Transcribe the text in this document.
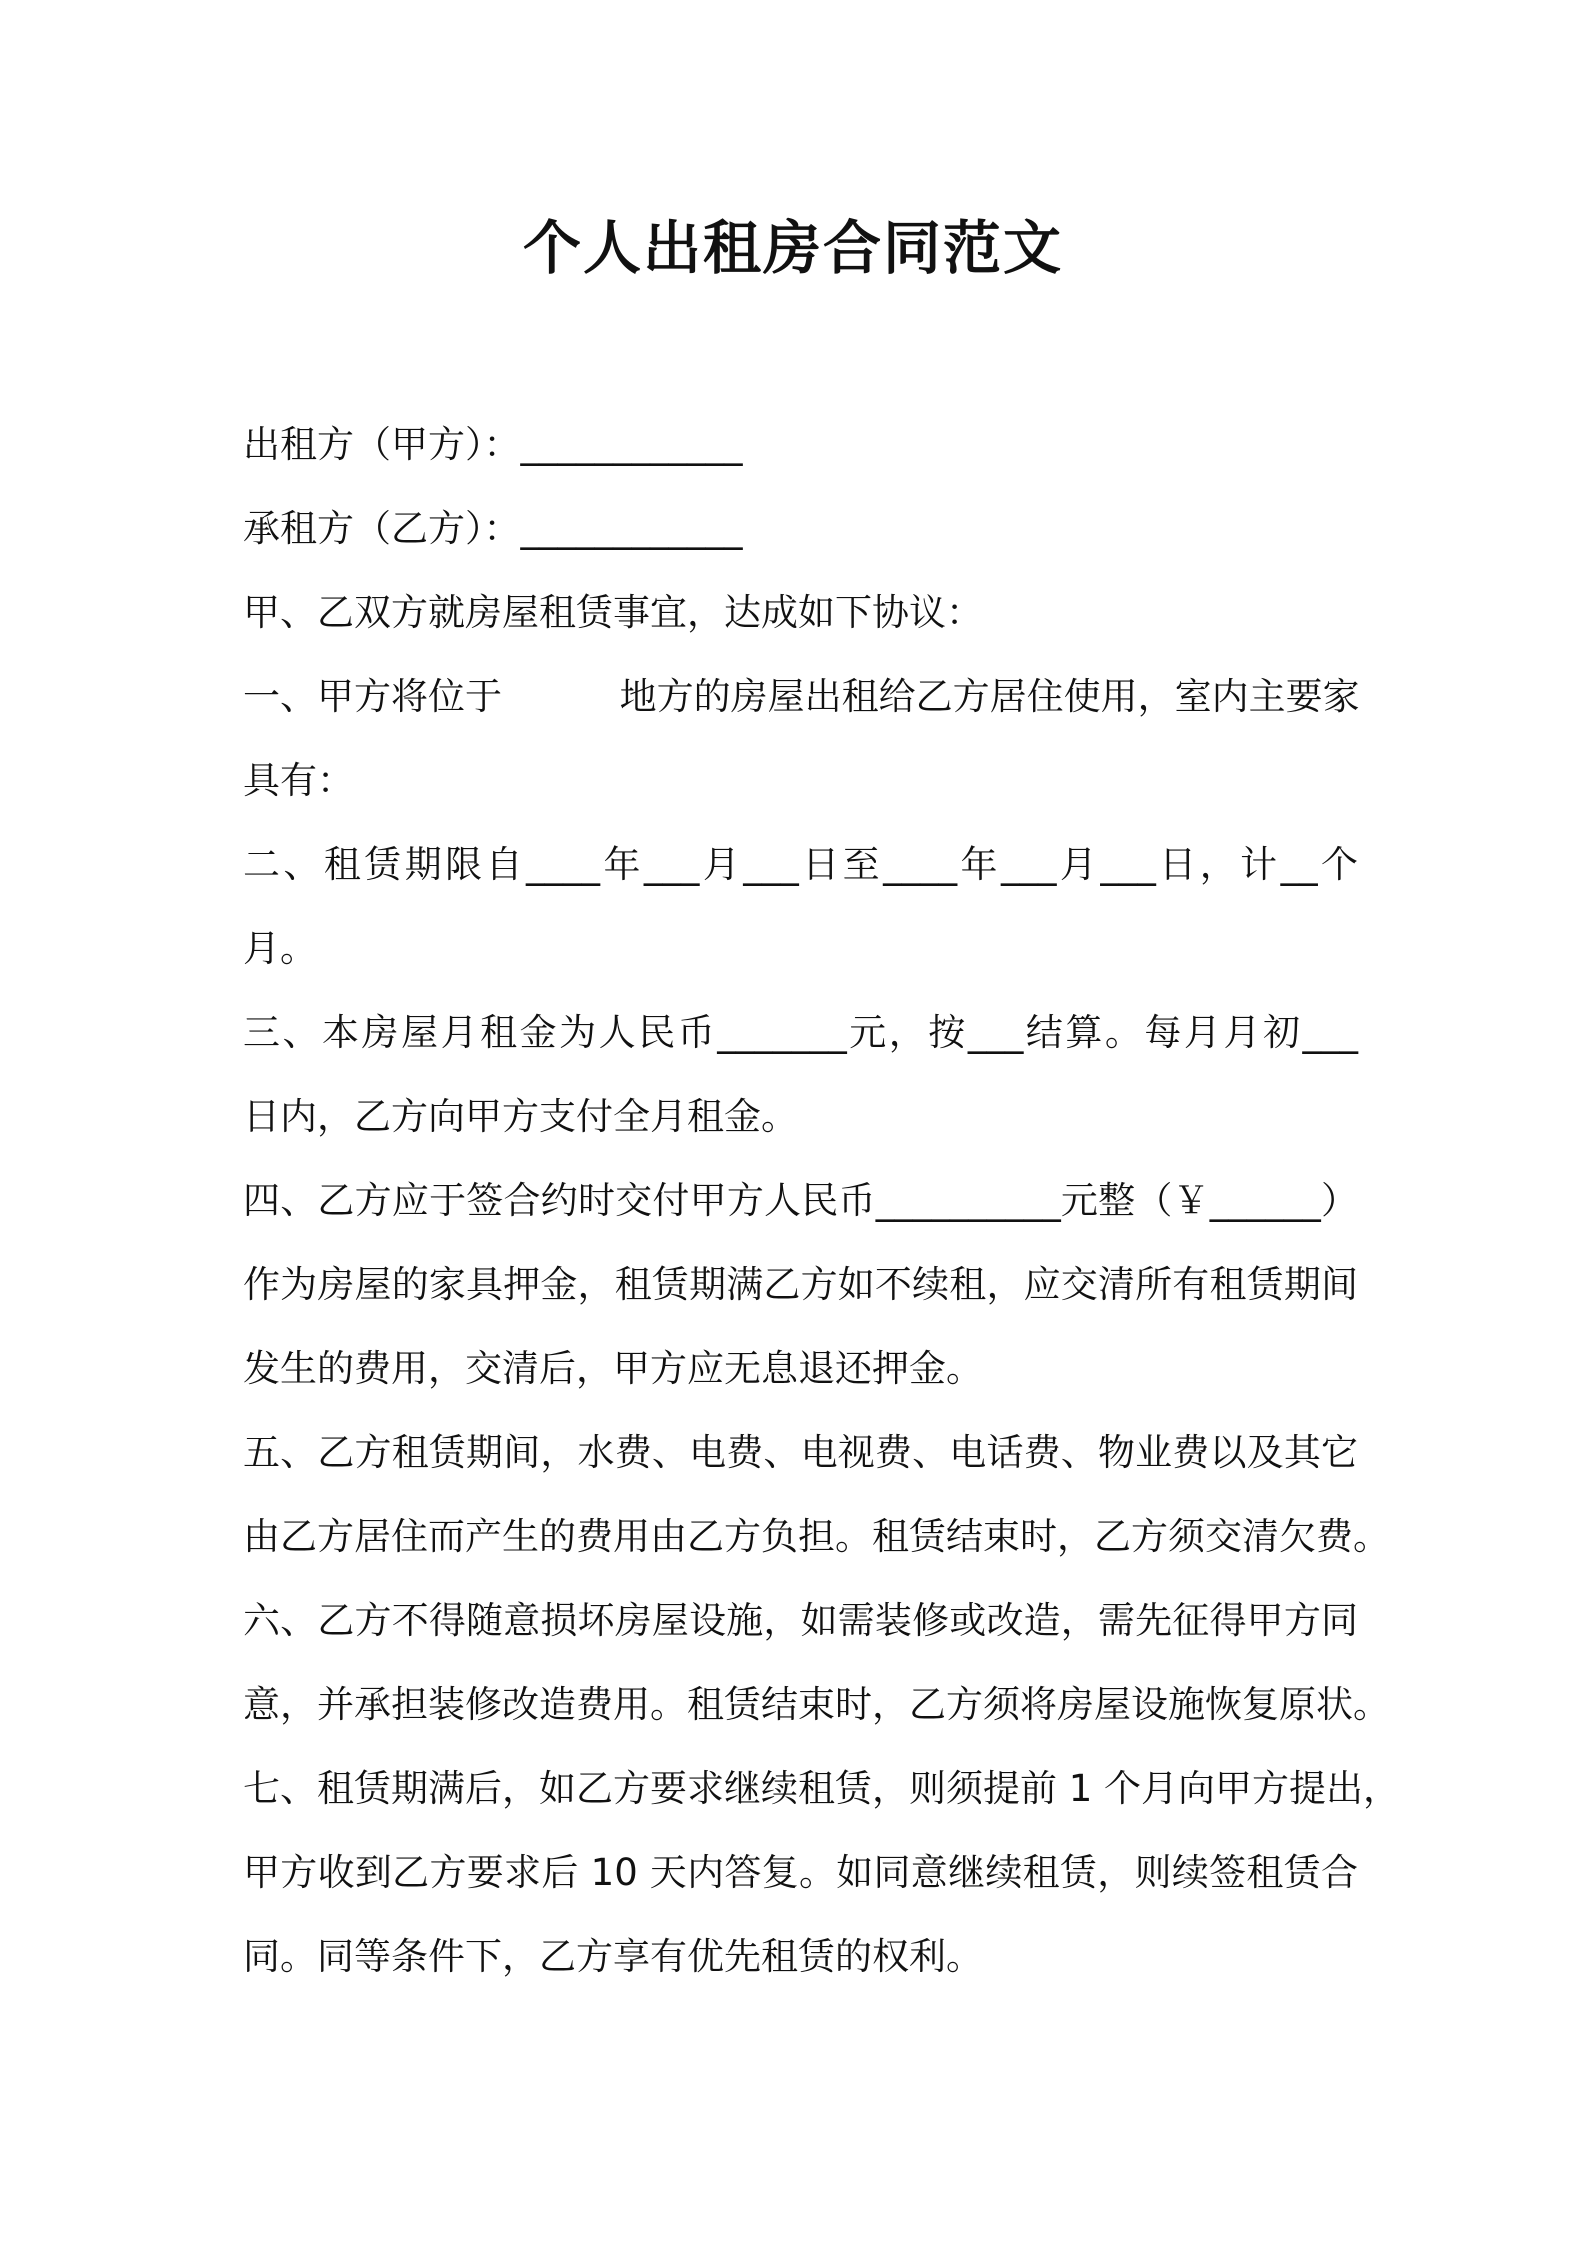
个人出租房合同范文

出租方（甲方）：____________

承租方（乙方）：____________

甲、乙双方就房屋租赁事宜，达成如下协议：

一、甲方将位于          地方的房屋出租给乙方居住使用，室内主要家

具有：

二、租赁期限自____年___月___日至____年___月___日，计__个

月。

三、本房屋月租金为人民币_______元，按___结算。每月月初___

日内，乙方向甲方支付全月租金。

四、乙方应于签合约时交付甲方人民币__________元整（￥______）

作为房屋的家具押金，租赁期满乙方如不续租，应交清所有租赁期间

发生的费用，交清后，甲方应无息退还押金。

五、乙方租赁期间，水费、电费、电视费、电话费、物业费以及其它

由乙方居住而产生的费用由乙方负担。租赁结束时，乙方须交清欠费。

六、乙方不得随意损坏房屋设施，如需装修或改造，需先征得甲方同

意，并承担装修改造费用。租赁结束时，乙方须将房屋设施恢复原状。

七、租赁期满后，如乙方要求继续租赁，则须提前 1 个月向甲方提出，

甲方收到乙方要求后 10 天内答复。如同意继续租赁，则续签租赁合

同。同等条件下，乙方享有优先租赁的权利。
